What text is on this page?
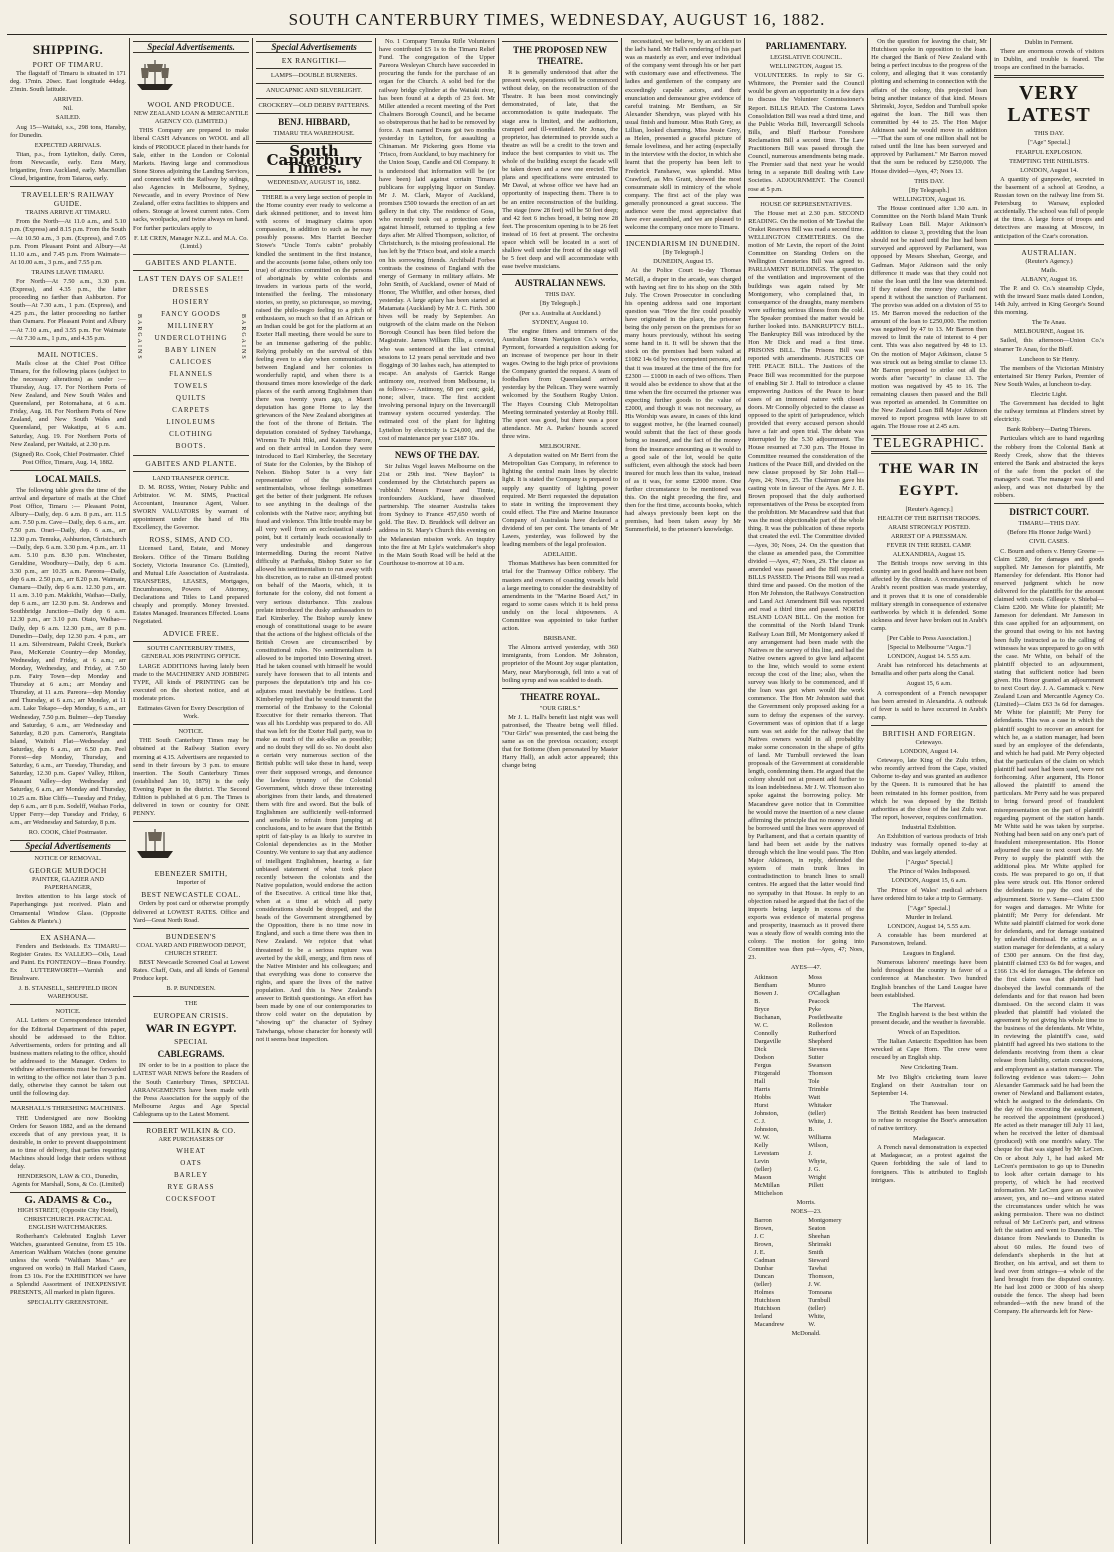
SOUTH CANTERBURY TIMES, WEDNESDAY, AUGUST 16, 1882.
SHIPPING.
PORT OF TIMARU.

The flagstaff of Timaru is situated in 171 deg. 17min. 20sec. East longitude 44deg. 23min. South latitude.

ARRIVED.
Nil.
SAILED.

Aug 15—Waitaki, s.s., 298 tons, Hansby, for Dunedin.

EXPECTED ARRIVALS.

Titan, p.s., from Lyttelton, daily. Ceres, from Newcastle, early. Ezra Mary, brigantine, from Auckland, early. Macmillan Cloud, brigantine, from Taiaroa, early.

TRAVELLER'S RAILWAY GUIDE.
TRAINS ARRIVE AT TIMARU.

From the North—At 11.0 a.m., and 5.10 p.m. (Express) and 8.15 p.m. From the South—At 10.50 a.m., 3 p.m. (Express), and 7.05 p.m. From Pleasant Point and Albury—At 11.10 a.m., and 7.45 p.m. From Waimate—At 10.00 a.m., 3 p.m., and 7.55 p.m.

TRAINS LEAVE TIMARU.

For North—At 7.50 a.m., 3.30 p.m. (Express), and 4.35 p.m., the latter proceeding no farther than Ashburton. For South—At 7.30 a.m., 1 p.m. (Express), and 4.25 p.m., the latter proceeding no farther than Oamaru. For Pleasant Point and Albury—At 7.10 a.m., and 3.55 p.m. For Waimate—At 7.30 a.m., 1 p.m., and 4.35 p.m.

MAIL NOTICES.

Mails close at the Chief Post Office Timaru, for the following places (subject to the necessary alterations) as under :— Thursday, Aug. 17. For Northern Ports of New Zealand, and New South Wales and Queensland, per Rotomahana, at 6 a.m. Friday, Aug. 18. For Northern Ports of New Zealand, and New South Wales and Queensland, per Wakatipu, at 6 a.m. Saturday, Aug. 19. For Northern Ports of New Zealand, per Waitaki, at 2.30 p.m.

(Signed) Ro. Cook, Chief Postmaster. Chief Post Office, Timaru, Aug. 14, 1882.
LOCAL MAILS.

The following table gives the time of the arrival and departure of mails at the Chief Post Office, Timaru :— Pleasant Point, Albury—Daily, dep. 6 a.m. 8 p.m., arr. 11.5 a.m. 7.50 p.m. Cave—Daily, dep. 6 a.m., arr. 7.50 p.m. Orari—Daily, dep. 6 a.m., arr 12.30 p.m. Temuka, Ashburton, Christchurch—Daily, dep. 6 a.m. 3.30 p.m. 4 p.m., arr. 11 a.m. 5.10 p.m. 8.30 p.m. Winchester, Geraldine, Woodbury—Daily, dep 6 a.m. 3.30 p.m., arr 10.35 a.m. Pareora—Daily, dep 6 a.m. 2.50 p.m., arr 8.20 p.m. Waimate, Oamaru—Daily, dep 6 a.m. 12.30 p.m., arr. 11 a.m. 3.10 p.m. Makikihi, Waihao—Daily, dep 6 a.m., arr 12.30 p.m. St. Andrews and Southbridge Junction—Daily dep 6 a.m. 12.30 p.m., arr 3.10 p.m. Otaio, Waihao—Daily, dep 6 a.m. 12.30 p.m., arr 8 p.m. Dunedin—Daily, dep 12.30 p.m. 4 p.m., arr 11 a.m. Silverstream, Pakihi Creek, Burke's Pass, McKenzie Country—dep Monday, Wednesday, and Friday, at 6 a.m.; arr Monday, Wednesday, and Friday, at 7.50 p.m. Fairy Town—dep Monday and Thursday at 6 a.m.; arr Monday and Thursday, at 11 a.m. Pareora—dep Monday and Thursday, at 6 a.m.; arr Monday, at 11 a.m. Lake Tekapo—dep Monday, 6 a.m., arr Wednesday, 7.50 p.m. Bulmer—dep Tuesday and Saturday, 6 a.m., arr Wednesday and Saturday, 8.20 p.m. Cameron's, Rangitata Island, Waitohi Flat—Wednesday and Saturday, dep 6 a.m., arr 6.50 p.m. Peel Forest—dep Monday, Thursday, and Saturday, 6 a.m., arr Tuesday, Thursday, and Saturday, 12.30 p.m. Gapes' Valley, Hilton, Pleasant Valley—dep Wednesday and Saturday, 6 a.m., arr Monday and Thursday, 10.25 a.m. Blue Cliffs—Tuesday and Friday, dep 6 a.m., arr 8 p.m. Sodelff, Waihao Forks, Upper Ferry—dep Tuesday and Friday, 6 a.m., arr Wednesday and Saturday, 8 p.m.

RO. COOK, Chief Postmaster.
Special Advertisements
NOTICE OF REMOVAL.
GEORGE MURDOCH
PAINTER, GLAZIER AND PAPERHANGER,

Invites attention to his large stock of Paperhangings just received. Plain and Ornamental Window Glass. (Opposite Gabites & Plante's.)

EX ASHANA—

Fenders and Bedsteads. Ex TIMARU—Register Grates. Ex VALLEJO—Oils, Lead and Paint. Ex FONTENOY—Brass Foundry. Ex LUTTERWORTH—Varnish and Brushware.

J. B. STANSELL, SHEFFIELD IRON WAREHOUSE.
NOTICE.

ALL Letters or Correspondence intended for the Editorial Department of this paper, should be addressed to the Editor. Advertisements, orders for printing and all business matters relating to the office, should be addressed to the Manager. Orders to withdraw advertisements must be forwarded in writing to the office not later than 3 p.m. daily, otherwise they cannot be taken out until the following day.

MARSHALL'S THRESHING MACHINES.

THE Undersigned are now Booking Orders for Season 1882, and as the demand exceeds that of any previous year, it is desirable, in order to prevent disappointment as to time of delivery, that parties requiring Machines should lodge their orders without delay.

HENDERSON, LAW & CO., Dunedin, Agents for Marshall, Sons, & Co. (Limited)
G. ADAMS & Co.,
HIGH STREET, (Opposite City Hotel), CHRISTCHURCH. PRACTICAL ENGLISH WATCHMAKERS.

Rotherham's Celebrated English Lever Watches, guaranteed Genuine, from £5 10s. American Waltham Watches (none genuine unless the words "Waltham Mass." are engraved on works) in Hall Marked Cases, from £3 10s. For the EXHIBITION we have a Splendid Assortment of INEXPENSIVE PRESENTS, All marked in plain figures.

SPECIALITY GREENSTONE.
Special Advertisements.
WOOL AND PRODUCE.
NEW ZEALAND LOAN & MERCANTILE AGENCY CO. (LIMITED.)

THIS Company are prepared to make liberal CASH Advances on WOOL and all kinds of PRODUCE placed in their hands for Sale, either in the London or Colonial Markets. Having large and commodious Stone Stores adjoining the Landing Services, and connected with the Railway by sidings, also Agencies in Melbourne, Sydney, Newcastle, and in every Province of New Zealand, offer extra facilities to shippers and others. Storage at lowest current rates. Corn sacks, woolpacks, and twine always on hand. For further particulars apply to

F. LE CREN, Manager N.Z.L. and M.A. Co. (Limtd.)
GABITES AND PLANTE.
LAST TEN DAYS OF SALE!!
BARGAINS	BARGAINS
DRESSES
HOSIERY
FANCY GOODS
MILLINERY
UNDERCLOTHING
BABY LINEN
CALICOES
FLANNELS
TOWELS
QUILTS
CARPETS
LINOLEUMS
CLOTHING
BOOTS.
GABITES AND PLANTE.
LAND TRANSFER OFFICE.

D. M. ROSS, Writer, Notary Public and Arbitrator. W. M. SIMS, Practical Accountant, Insurance Agent, Valuer. SWORN VALUATORS by warrant of appointment under the hand of His Excellency, the Governor.

ROSS, SIMS, AND CO.

Licensed Land, Estate, and Money Brokers. Office of the Timaru Building Society, Victoria Insurance Co. (Limited), and Mutual Life Association of Australasia. TRANSFERS, LEASES, Mortgages, Encumbrances, Powers of Attorney, Declarations and Titles to Land prepared cheaply and promptly. Money Invested. Estates Managed. Insurances Effected. Loans Negotiated.

ADVICE FREE.
SOUTH CANTERBURY TIMES, GENERAL JOB PRINTING OFFICE.

LARGE ADDITIONS having lately been made to the MACHINERY AND JOBBING TYPE, All kinds of PRINTING can be executed on the shortest notice, and at moderate prices.

Estimates Given for Every Description of Work.
NOTICE.

THE South Canterbury Times may be obtained at the Railway Station every morning at 4.15. Advertisers are requested to send in their favours by 3 p.m. to ensure insertion. The South Canterbury Times (established Jan 10, 1879) is the only Evening Paper in the district. The Second Edition is published at 6 p.m. The Times is delivered in town or country for ONE PENNY.

EBENEZER SMITH,
Importer of
BEST NEWCASTLE COAL.

Orders by post card or otherwise promptly delivered at LOWEST RATES. Office and Yard—Great North Road.

BUNDESEN'S
COAL YARD AND FIREWOOD DEPOT, CHURCH STREET.

BEST Newcastle Screened Coal at Lowest Rates. Chaff, Oats, and all kinds of General Produce kept.

B. P. BUNDESEN.
THE
EUROPEAN CRISIS.
WAR IN EGYPT.
SPECIAL
CABLEGRAMS.

IN order to be in a position to place the LATEST WAR NEWS before the Readers of the South Canterbury Times, SPECIAL ARRANGEMENTS have been made with the Press Association for the supply of the Melbourne Argus and Age Special Cablegrams up to the Latest Moment.

ROBERT WILKIN & CO.
ARE PURCHASERS OF
WHEAT
OATS
BARLEY
RYE GRASS
COCKSFOOT
Special Advertisements
EX RANGITIKI—
LAMPS—DOUBLE BURNERS.
ANUCAPNIC AND SILVERLIGHT.
CROCKERY—OLD DERBY PATTERNS.
BENJ. HIBBARD,
TIMARU TEA WAREHOUSE.
South Canterbury Times.
WEDNESDAY, AUGUST 16, 1882.

THERE is a very large section of people in the Home country ever ready to welcome a dark skinned petitioner, and to invest him with scores of imaginary claims upon compassion, in addition to such as he may possibly possess. Mrs Harriet Beecher Stowe's "Uncle Tom's cabin" probably kindled the sentiment in the first instance, and the accounts (some false, others only too true) of atrocities committed on the persons of aboriginals by white colonists and invaders in various parts of the world, intensified the feeling. The missionary stories, so pretty, so picturesque, so moving, raised the philo-negro feeling to a pitch of enthusiasm, so much so that if an African or an Indian could be got for the platform at an Exeter Hall meeting, there would be sure to be an immense gathering of the public. Relying probably on the survival of this feeling even to a day when communication between England and her colonies is wonderfully rapid, and when there is a thousand times more knowledge of the dark places of the earth among Englishmen than there was twenty years ago, a Maori deputation has gone Home to lay the grievances of the New Zealand aborigines at the foot of the throne of Britain. The deputation consisted of Sydney Taiwhanga, Wiremu Te Puhi Hiki, and Kaieme Parore, and on their arrival in London they were introduced to Earl Kimberley, the Secretary of State for the Colonies, by the Bishop of Nelson. Bishop Suter is a very fair representative of the philo-Maori sentimentalists, whose feelings sometimes get the better of their judgment. He refuses to see anything in the dealings of the colonists with the Native race; anything but fraud and violence. This little trouble may be all very well from an ecclesiastical stand-point, but it certainly leads occasionally to very undesirable and dangerous intermeddling. During the recent Native difficulty at Parihaka, Bishop Suter so far allowed his sentimentalism to run away with his discretion, as to raise an ill-timed protest on behalf of the Maoris, which, it is fortunate for the colony, did not foment a very serious disturbance. This zealous prelate introduced the dusky ambassadors to Earl Kimberley. The Bishop surely knew enough of constitutional usage to be aware that the actions of the highest officials of the British Crown are circumscribed by constitutional rules. No sentimentalism is allowed to be imported into Downing street. Had he taken counsel with himself he would surely have foreseen that to all intents and purposes the deputation's trip and his co-adjutors must inevitably be fruitless. Lord Kimberley replied that he would transmit the memorial of the Embassy to the Colonial Executive for their remarks thereon. That was all his Lordship was prepared to do. All that was left for the Exeter Hall party, was to make as much of the ask-ulke as possible; and no doubt they will do so. No doubt also a certain very numerous section of the British public will take these in hand, weep over their supposed wrongs, and denounce the lawless tyranny of the Colonial Government, which drove these interesting aborigines from their lands, and threatened them with fire and sword. But the bulk of Englishmen are sufficiently well-informed and sensible to refrain from jumping at conclusions, and to be aware that the British spirit of fair-play is as likely to survive in Colonial dependencies as in the Mother Country. We venture to say that any audience of intelligent Englishmen, hearing a fair unbiased statement of what took place recently between the colonists and the Native population, would endorse the action of the Executive. A critical time like that, when at a time at which all party considerations should be dropped, and the heads of the Government strengthened by the Opposition, there is no time now in England, and such a time there was then in New Zealand. We rejoice that what threatened to be a serious rupture was averted by the skill, energy, and firm ness of the Native Minister and his colleagues; and that everything was done to conserve the rights, and spare the lives of the native population. And this is New Zealand's answer to British questionings. An effort has been made by one of our contemporaries to throw cold water on the deputation by "showing up" the character of Sydney Taiwhanga, whose character for honesty will not it seems bear inspection.

No. 1 Company Temuka Rifle Volunteers have contributed £5 1s to the Timaru Relief Fund. The congregation of the Upper Pareora Wesleyan Church have succeeded in procuring the funds for the purchase of an organ for the Church. A solid bed for the railway bridge cylinder at the Waitaki river, has been found at a depth of 23 feet. Mr Miller attended a recent meeting of the Port Chalmers Borough Council, and he became so obstreperous that he had to be removed by force. A man named Evans got two months yesterday in Lyttelton, for assaulting a Chinaman. Mr Pickering goes Home via 'Frisco, from Auckland, to buy machinery for the Union Soap, Candle and Oil Company. It is understood that information will be (or have been) laid against certain Timaru publicans for supplying liquor on Sunday. Mr J. M. Clark, Mayor of Auckland, promises £500 towards the erection of an art gallery in that city. The residence of Goss, who recently took out a protection order against himself, returned to tippling a few days after. Mr Alfred Thompson, solicitor, of Christchurch, is the missing professional. He has left by the 'Frisco boat, and stole a march on his sorrowing friends. Archibald Forbes contrasts the cosiness of England with the energy of Germany in military affairs. Mr John Smith, of Auckland, owner of Maid of Honor, The Whiffler, and other horses, died yesterday. A large apiary has been started at Matamata (Auckland) by Mr J. C. Firth. 300 hives will be ready by September. An outgrowth of the claim made on the Nelson Borough Council has been filed before the Magistrate. James William Ellis, a convict, who was sentenced at the last criminal sessions to 12 years penal servitude and two floggings of 30 lashes each, has attempted to escape. An analysis of Garrick Range antimony ore, received from Melbourne, is as follows:— Antimony, 68 per cent; gold, none; silver, trace. The first accident involving personal injury on the Invercargill tramway system occurred yesterday. The estimated cost of the plant for lighting Lyttelton by electricity is £24,000, and the cost of maintenance per year £187 10s.

NEWS OF THE DAY.

Sir Julius Vogel leaves Melbourne on the 21st or 29th inst. "New Baylon" is condemned by the Christchurch papers as 'rubbish.' Messrs Fraser and Tinnie, ironfounders Auckland, have dissolved partnership. The steamer Australia takes from Sydney to France 457,650 worth of gold. The Rev. D. Bruddock will deliver an address in St. Mary's Church this evening on the Melanesian mission work. An inquiry into the fire at Mr Lyle's watchmaker's shop in the Main South Road will be held at the Courthouse to-morrow at 10 a.m.

THE PROPOSED NEW THEATRE.

It is generally understood that after the present week, operations will be commenced without delay, on the reconstruction of the Theatre. It has been most convincingly demonstrated, of late, that the accommodation is quite inadequate. The stage area is limited, and the auditorium, cramped and ill-ventilated. Mr Jonas, the proprietor, has determined to provide such a theatre as will be a credit to the town and induce the best companies to visit us. The whole of the building except the facade will be taken down and a new one erected. The plans and specifications were entrusted to Mr Daval, at whose office we have had an opportunity of inspecting them. There is to be an entire reconstruction of the building. The stage (now 28 feet) will be 50 feet deep; and 42 feet 6 inches broad, it being now 28 feet. The proscenium opening is to be 26 feet instead of 16 feet at present. The orchestra space which will be located in a sort of shallow well under the front of the stage will be 5 feet deep and will accommodate with ease twelve musicians.

AUSTRALIAN NEWS.
THIS DAY.
[By Telegraph.]
(Per s.s. Australia at Auckland.)
SYDNEY, August 10.

The engine fitters and trimmers of the Australian Steam Navigation Co.'s works, Pyrmont, forwarded a requisition asking for an increase of twopence per hour in their wages. Owing to the high price of provisions the Company granted the request. A team of footballers from Queensland arrived yesterday by the Pelican. They were warmly welcomed by the Southern Rugby Union. The Hayes Coursing Club Metropolitan Meeting terminated yesterday at Rooby Hill. The sport was good, but there was a poor attendance. Mr A. Parkes' hounds scored three wins.

MELBOURNE.

A deputation waited on Mr Berri from the Metropolitan Gas Company, in reference to lighting the central main lines by electric light. It is stated the Company is prepared to supply any quantity of lighting power required. Mr Berri requested the deputation to state in writing the improvement they could effect. The Fire and Marine Insurance Company of Australasia have declared a dividend of ten per cent. The tenants of Mr Lawes, yesterday, was followed by the leading members of the legal profession.

ADELAIDE.

Thomas Matthews has been committed for trial for the Tramway Office robbery. The masters and owners of coasting vessels held a large meeting to consider the desirability of amendments in the "Marine Board Act," in regard to some cases which it is held press unduly on the local shipowners. A Committee was appointed to take further action.

BRISBANE.

The Almora arrived yesterday, with 360 immigrants, from London. Mr Johnston, proprietor of the Mount Joy sugar plantation, Mary, near Maryborough, fell into a vat of boiling syrup and was scalded to death.

THEATRE ROYAL.
"OUR GIRLS."

Mr J. L. Hall's benefit last night was well patronised, the Theatre being well filled. "Our Girls" was presented, the cast being the same as on the previous occasion; except that for Bottome (then personated by Master Harry Hall), an adult actor appeared; this change being

necessitated, we believe, by an accident to the lad's hand. Mr Hall's rendering of his part was as masterly as ever, and ever individual of the company went through his or her part with customary ease and effectiveness. The ladies and gentlemen of the company are exceedingly capable actors, and their enunciation and demeanour give evidence of careful training. Mr Bentham, as Sir Alexander Shendryn, was played with his usual finish and humour. Miss Ruth Grey, as Lillian, looked charming. Miss Jessie Grey, as Helen, presented a graceful picture of female loveliness, and her acting (especially in the interview with the doctor, in which she learnt that the property has been left to Frederick Fanshawe, was splendid. Miss Crawford, as Mrs Grant, showed the most consummate skill in mimicry of the whole company. The first act of the play was generally pronounced a great success. The audience were the most appreciative that have ever assembled, and we are pleased to welcome the company once more to Timaru.

INCENDIARISM IN DUNEDIN.
[By Telegraph.]
DUNEDIN, August 15.

At the Police Court to-day Thomas McGill, a draper in the arcade, was charged with having set fire to his shop on the 30th July. The Crown Prosecutor in concluding his opening address said one important question was "How the fire could possibly have originated in the place, the prisoner being the only person on the premises for so many hours previously, without his seeing some hand in it. It will be shown that the stock on the premises had been valued at £1082 14s 6d by two competent persons, and that it was insured at the time of the fire for £2300 — £1000 in each of two offices. Then it would also be evidence to show that at the time when the fire occurred the prisoner was expecting further goods to the value of £2000, and though it was not necessary, as His Worship was aware, in cases of this kind to suggest motive, he (the learned counsel) would submit that the fact of these goods being so insured, and the fact of the money from the insurance amounting as it would to a good sale of the lot, would be quite sufficient, even although the stock had been insured for much less than its value, instead of as it was, for some £2000 more. One further circumstance to be mentioned was this. On the night preceding the fire, and then for the first time, accounts books, which had always previously been kept on the premises, had been taken away by Mr Summerfield, to the prisoner's knowledge.

PARLIAMENTARY.
LEGISLATIVE COUNCIL.
WELLINGTON, August 15.

VOLUNTEERS. In reply to Sir G. Whitmore, the Premier said the Council would be given an opportunity in a few days to discuss the Volunteer Commissioner's Report. BILLS READ. The Customs Laws Consolidation Bill was read a third time, and the Public Works Bill, Invercargill Schools Bills, and Bluff Harbour Foreshore Reclamation Bill a second time. The Law Practitioners Bill was passed through the Council, numerous amendments being made. The Premier said that next year he would bring in a separate Bill dealing with Law Societies. ADJOURNMENT. The Council rose at 5 p.m.

HOUSE OF REPRESENTATIVES.

The House met at 2.30 p.m. SECOND READING. On the motion of Mr Tawhai the Orakei Reserves Bill was read a second time. WELLINGTON CEMETERIES. On the motion of Mr Levin, the report of the Joint Committee on Standing Orders on the Wellington Cemeteries Bill was agreed to. PARLIAMENT BUILDINGS. The question of the ventilation and improvement of the buildings was again raised by Mr Montgomery, who complained that, in consequence of the draughts, many members were suffering serious illness from the cold. The Speaker promised the matter would be further looked into. BANKRUPTCY BILL. The Bankruptcy Bill was introduced by the Hon Mr Dick and read a first time. PRISONS BILL. The Prisons Bill was reported with amendments. JUSTICES OF THE PEACE BILL. The Justices of the Peace Bill was recommitted for the purpose of enabling Sir J. Hall to introduce a clause empowering Justices of the Peace to hear cases of an immoral nature with closed doors. Mr Connolly objected to the clause as opposed to the spirit of jurisprudence, which provided that every accused person should have a fair and open trial. The debate was interrupted by the 5.30 adjournment. The House resumed at 7.30 p.m. The House in Committee resumed the consideration of the Justices of the Peace Bill, and divided on the new clause proposed by Sir John Hall—Ayes, 24; Noes, 25. The Chairman gave his casting vote in favour of the Ayes. Mr J. E. Brown proposed that the duly authorised representatives of the Press be excepted from the prohibition. Mr Macandrew said that that was the most objectionable part of the whole thing. It was the publication of these reports that created the evil. The Committee divided—Ayes, 30; Noes, 24. On the question that the clause as amended pass, the Committee divided —Ayes, 47; Noes, 29. The clause as amended was passed and the Bill reported. BILLS PASSED. The Prisons Bill was read a third time and passed. On the motion of the Hon Mr Johnston, the Railways Construction and Land Act Amendment Bill was reported and read a third time and passed. NORTH ISLAND LOAN BILL. On the motion for the committal of the North Island Trunk Railway Loan Bill, Mr Montgomery asked if any arrangement had been made with the Natives re the survey of this line, and had the Native owners agreed to give land adjacent to the line, which would to some extent recoup the cost of the line; also, when the survey was likely to be commenced, and if the loan was got when would the work commence. The Hon Mr Johnston said that the Government only proposed asking for a sum to defray the expenses of the survey. Government was of opinion that if a large sum was set aside for the railway that the Natives owners would in all probability make some concession in the shape of gifts of land. Mr Turnbull reviewed the loan proposals of the Government at considerable length, condemning them. He argued that the colony should not at present add further to its loan indebtedness. Mr J. W. Thomson also spoke against the borrowing policy. Mr Macandrew gave notice that in Committee he would move the insertion of a new clause affirming the principle that no money should be borrowed until the lines were approved of by Parliament, and that a certain quantity of land had been set aside by the natives through which the line would pass. The Hon Major Atkinson, in reply, defended the system of main trunk lines in contradistinction to branch lines to small centres. He argued that the latter would find no sympathy in that House. In reply to an objection raised he argued that the fact of the imports being largely in excess of the exports was evidence of material progress and prosperity, inasmuch as it proved there was a steady flow of wealth coming into the colony. The motion for going into Committee was then put—Ayes, 47; Noes, 23.

AYES—47.
Atkinson
Bentham
Bowen J. B.
Bryce
Buchanan, W. C.
Connolly
Dargaville
Dick
Dodson
Fergus
Fitzgerald
Hall
Harris
Hobbs
Hurst
Johnston, C. J.
Johnston, W. W.
Kelly
Levestam
Levin (teller)
Mason
McMillan
Mitchelson
Moss
Munro
O'Callaghan
Peacock
Pyke
Postlethwaite
Rolleston
Rutherford
Shepherd
Stevens
Sutter
Swanson
Thomson
Tole
Trimble
Watt
Whitaker (teller)
White, J. B.
Williams
Wilson, J.
Whyte, J. G.
Wright
Pillett
Morris.
NOES—23.
Barron
Brown, J. C
Brown, J. E.
Cadman
Dunbar
Duncan (teller)
Holmes
Hutchison
Hutchison
Ireland
Macandrew
Montgomery
Seaton
Sheehan
Shrimski
Smith
Steward
Tawhai
Thomson, J. W.
Tomoana
Turnbull (teller)
White, W.
McDonald.

On the question for leaving the chair, Mr Hutchison spoke in opposition to the loan. He charged the Bank of New Zealand with being a perfect incubus to the progress of the colony, and alleging that it was constantly plotting and scheming in connection with the affairs of the colony, this projected loan being another instance of that kind. Messrs Shrimski, Joyce, Seddon and Turnbull spoke against the loan. The Bill was then committed by 44 to 25. The Hon Major Atkinson said he would move in addition—"That the sum of one million shall not be raised until the line has been surveyed and approved by Parliament." Mr Barron moved that the sum be reduced by £250,000. The House divided—Ayes, 47; Noes 13.

THIS DAY.
[By Telegraph.]
WELLINGTON, August 16.

The House continued after 1.30 a.m. in Committee on the North Island Main Trunk Railway Loan Bill. Major Atkinson's addition to clause 3, providing that the loan should not be raised until the line had been surveyed and approved by Parliament, was opposed by Messrs Sheehan, George, and Gadman. Major Atkinson said the only difference it made was that they could not raise the loan until the line was determined. If they raised the money they could not spend it without the sanction of Parliament. The proviso was added on a division of 55 to 15. Mr Barron moved the reduction of the amount of the loan to £250,000. The motion was negatived by 47 to 13. Mr Barron then moved to limit the rate of interest to 4 per cent. This was also negatived by 48 to 13. On the motion of Major Atkinson, clause 5 was struck out as being similar to clause 13. Mr Barron proposed to strike out all the words after "security" in clause 13. The motion was negatived by 45 to 16. The remaining clauses then passed and the Bill was reported as amended. In Committee on the New Zealand Loan Bill Major Atkinson moved to report progress with leave to sit again. The House rose at 2.45 a.m.

TELEGRAPHIC.
THE WAR IN EGYPT.
[Reuter's Agency.]
HEALTH OF THE BRITISH TROOPS.
ARABI STRONGLY POSTED.
ARREST OF A PRESSMAN.
FEVER IN THE REBEL CAMP.
ALEXANDRIA, August 15.

The British troops now serving in this country are in good health and have not been affected by the climate. A reconnaissance of Arabi's recent position was made yesterday, and it proves that it is one of considerable military strength in consequence of extensive earthworks by which it is defended. Some sickness and fever have broken out in Arabi's camp.

[Per Cable to Press Association.]
[Special to Melbourne "Argus."]
LONDON, August 14. 5.55 a.m.

Arabi has reinforced his detachments at Ismailia and other parts along the Canal.

August 15, 6 a.m.

A correspondent of a French newspaper has been arrested in Alexandria. A outbreak of fever is said to have occurred in Arabi's camp.

BRITISH AND FOREIGN.
Cetewayo.
LONDON, August 14.

Cetewayo, late King of the Zulu tribes, who recently arrived from the Cape, visited Osborne to-day and was granted an audience by the Queen. It is rumoured that he has been reinstated in his former position, from which he was deposed by the British authorities at the close of the last Zulu war. The report, however, requires confirmation.

Industrial Exhibition.

An Exhibition of various products of Irish industry was formally opened to-day at Dublin, and was largely attended.

["Argus" Special.]
The Prince of Wales Indisposed.
LONDON, August 15, 6 a.m.

The Prince of Wales' medical advisers have ordered him to take a trip to Germany.

["Age" Special.]
Murder in Ireland.
LONDON, August 14, 5.55 a.m.

A constable has been murdered at Parsonstown, Ireland.

Leagues in England.

Numerous laborers' meetings have been held throughout the country in favor of a conference at Manchester. Two hundred English branches of the Land League have been established.

The Harvest.

The English harvest is the best within the present decade, and the weather is favorable.

Wreck of an Expedition.

The Italian Antarctic Expedition has been wrecked at Cape Horn. The crew were rescued by an English ship.

New Cricketing Team.

Mr Ivo Bligh's cricketing team leave England on their Australian tour on September 14.

The Transvaal.

The British Resident has been instructed to refuse to recognise the Boer's annexation of native territory.

Madagascar.

A French naval demonstration is expected at Madagascar, as a protest against the Queen forbidding the sale of land to foreigners. This is attributed to English intrigues.

Dublin in Ferment.

There are enormous crowds of visitors in Dublin, and trouble is feared. The troops are confined in the barracks.

VERY LATEST
THIS DAY.
["Age" Special.]
FEARFUL EXPLOSION.
TEMPTING THE NIHILISTS.
LONDON, August 14.

A quantity of gunpowder, secreted in the basement of a school at Grodno, a Russian town on the railway line from St. Petersburg to Warsaw, exploded accidentally. The school was full of people at the time. A large force of troops and detectives are massing at Moscow, in anticipation of the Czar's coronation.

AUSTRALIAN.
(Reuter's Agency.)
Mails.
ALBANY, August 16.

The P. and O. Co.'s steamship Clyde, with the inward Suez mails dated London, 14th July, arrived in King George's Sound this morning.

The Te Anau.
MELBOURNE, August 16.

Sailed, this afternoon—Union Co.'s steamer Te Anau, for the Bluff.

Luncheon to Sir Henry.

The members of the Victorian Ministry entertained Sir Henry Parkes, Premier of New South Wales, at luncheon to-day.

Electric Light.

The Government has decided to light the railway terminus at Flinders street by electricity.

Bank Robbery—Daring Thieves.

Particulars which are to hand regarding the robbery from the Colonial Bank at Reedy Creek, show that the thieves entered the Bank and abstracted the keys of the safe from the pocket of the manager's coat. The manager was ill and asleep, and was not disturbed by the robbers.

DISTRICT COURT.
TIMARU—THIS DAY.
(Before His Honor Judge Ward.)
CIVIL CASES.

C. Bourn and others v. Henry Greene —Claim £280, for damages and goods supplied. Mr Jameson for plaintiffs, Mr Hamersley for defendant. His Honor had reserved judgment which he now delivered for the plaintiffs for the amount claimed with costs. Gillespie v. Shiebal—Claim £200. Mr White for plaintiff; Mr Jameson for defendant. Mr Jameson in this case applied for an adjournment, on the ground that owing to his not having been fully instructed as to the calling of witnesses he was unprepared to go on with the case. Mr White, on behalf of the plaintiff objected to an adjournment, stating that sufficient notice had been given. His Honor granted an adjournment to next Court day. J. A. Gammack v. New Zealand Loan and Mercantile Agency Co. (Limited)—Claim £63 3s 6d for damages. Mr White for plaintiff; Mr Perry for defendants. This was a case in which the plaintiff sought to recover an amount for which he, as a station manager, had been sued by an employee of the defendants, and which he had paid. Mr Perry objected that the particulars of the claim on which plaintiff had sued had been sued, were not forthcoming. After argument, His Honor allowed the plaintiff to amend the particulars. Mr Perry said he was prepared to bring forward proof of fraudulent misrepresentation on the part of plaintiff regarding payment of the station hands. Mr White said he was taken by surprise. Nothing had been said on any one's part of fraudulent misrepresentation. His Honor adjourned the case to next court day. Mr Perry to supply the plaintiff with the additional plea. Mr White applied for costs. He was prepared to go on, if that plea were struck out. His Honor ordered the defendants to pay the cost of the adjournment. Storie v. Same—Claim £300 for wages and damages. Mr White for plaintiff; Mr Perry for defendant. Mr White said plaintiff claimed for work done for defendants, and for damage sustained by unlawful dismissal. He acting as a station manager for defendants, at a salary of £300 per annum. On the first day, plaintiff claimed £33 6s 8d for wages, and £166 13s 4d for damages. The defence on the first claim was that plaintiff had disobeyed the lawful commands of the defendants and for that reason had been dismissed. On the second claim it was pleaded that plaintiff had violated the agreement by not giving his whole time to the business of the defendants. Mr White, in reviewing the plaintiff's case, said plaintiff had agreed his two stations to the defendants receiving from them a clear release from liability, certain concessions, and employment as a station manager. The following evidence was taken:— John Alexander Gammack said he had been the owner of Newland and Ballamont estates, which he assigned to the defendants. On the day of his executing the assignment, he received the appointment (produced.) He acted as their manager till July 11 last, when he received the letter of dismissal (produced) with one month's salary. The cheque for that was signed by Mr LeCren. On or about July 1, he had asked Mr LeCren's permission to go up to Dunedin to look after certain damage to his property, of which he had received information. Mr LeCren gave an evasive answer, yes, and no—and witness stated the circumstances under which he was asking permission. There was no distinct refusal of Mr LeCren's part, and witness left the station and went to Dunedin. The distance from Newlands to Dunedin is about 60 miles. He found two of defendant's shepherds in the hut at Brother, on his arrival, and set them to lead over from stringes—a whole of the land brought from the disputed country. He had lost 2000 or 3000 of his sheep outside the fence. The sheep had been rebranded—with the new brand of the Company. He afterwards left for New-
